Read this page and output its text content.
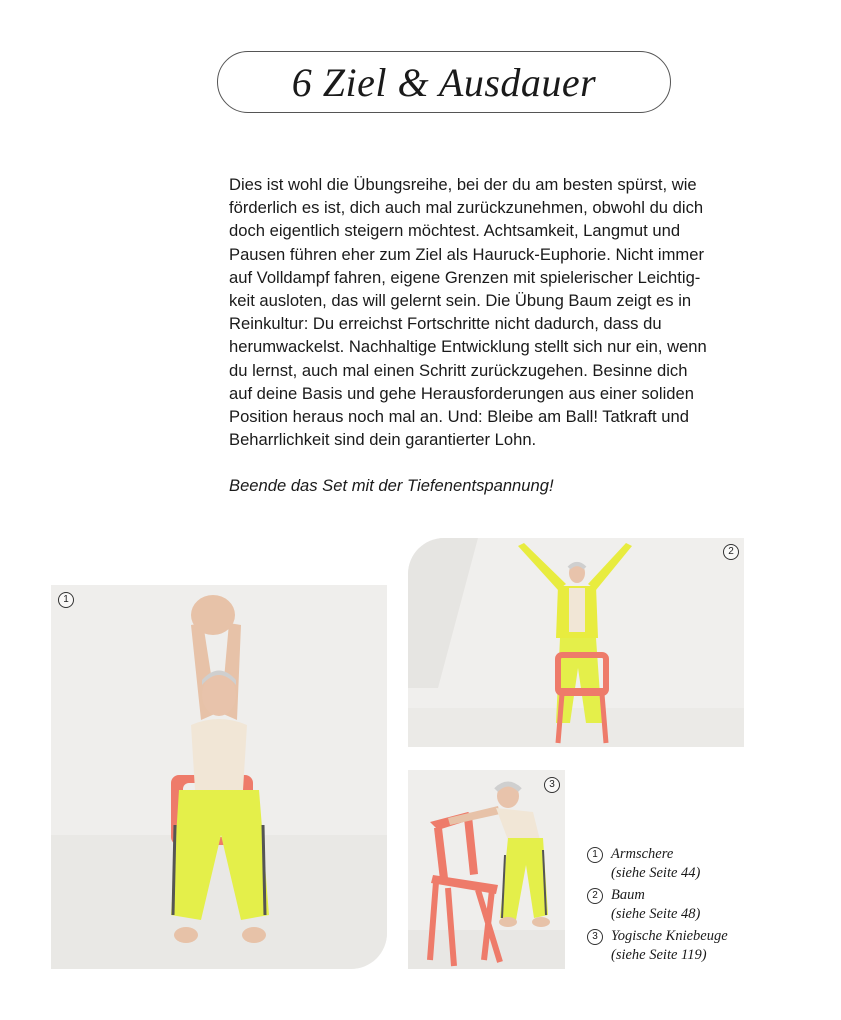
6 Ziel & Ausdauer

Dies ist wohl die Übungsreihe, bei der du am besten spürst, wie
förderlich es ist, dich auch mal zurückzunehmen, obwohl du dich
doch eigentlich steigern möchtest. Achtsamkeit, Langmut und
Pausen führen eher zum Ziel als Hauruck-Euphorie. Nicht immer
auf Volldampf fahren, eigene Grenzen mit spielerischer Leichtig-
keit ausloten, das will gelernt sein. Die Übung Baum zeigt es in
Reinkultur: Du erreichst Fortschritte nicht dadurch, dass du
herumwackelst. Nachhaltige Entwicklung stellt sich nur ein, wenn
du lernst, auch mal einen Schritt zurückzugehen. Besinne dich
auf deine Basis und gehe Herausforderungen aus einer soliden
Position heraus noch mal an. Und: Bleibe am Ball! Tatkraft und
Beharrlichkeit sind dein garantierter Lohn.

Beende das Set mit der Tiefenentspannung!

1
2
3
1 Armschere
(siehe Seite 44)
2 Baum
(siehe Seite 48)
3 Yogische Kniebeuge
(siehe Seite 119)
